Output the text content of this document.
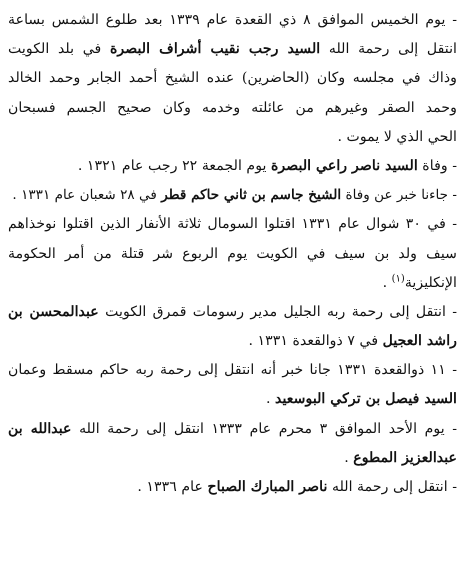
- يوم الخميس الموافق ٨ ذي القعدة عام ١٣٣٩ بعد طلوع الشمس بساعة
انتقل إلى رحمة الله السيد رجب نقيب أشراف البصرة في بلد الكويت
وذاك في مجلسه وكان (الحاضرين) عنده الشيخ أحمد الجابر وحمد الخالد
وحمد الصقر وغيرهم من عائلته وخدمه وكان صحيح الجسم فسبحان
الحي الذي لا يموت .
- وفاة السيد ناصر راعي البصرة يوم الجمعة ٢٢ رجب عام ١٣٢١ .
- جاءنا خبر عن وفاة الشيخ جاسم بن ثاني حاكم قطر في ٢٨ شعبان عام ١٣٣١ .
- في ٣٠ شوال عام ١٣٣١ اقتلوا السومال ثلاثة الأنفار الذين اقتلوا نوخذاهم
سيف ولد بن سيف في الكويت يوم الربوع شر قتلة من أمر الحكومة
الإنكليزية$^{(١)}$ .
- انتقل إلى رحمة ربه الجليل مدير رسومات قمرق الكويت عبدالمحسن بن
راشد العجيل في ٧ ذوالقعدة ١٣٣١ .
- ١١ ذوالقعدة ١٣٣١ جانا خبر أنه انتقل إلى رحمة ربه حاكم مسقط وعمان
السيد فيصل بن تركي البوسعيد .
- يوم الأحد الموافق ٣ محرم عام ١٣٣٣ انتقل إلى رحمة الله عبدالله بن
عبدالعزيز المطوع .
- انتقل إلى رحمة الله ناصر المبارك الصباح عام ١٣٣٦ .
